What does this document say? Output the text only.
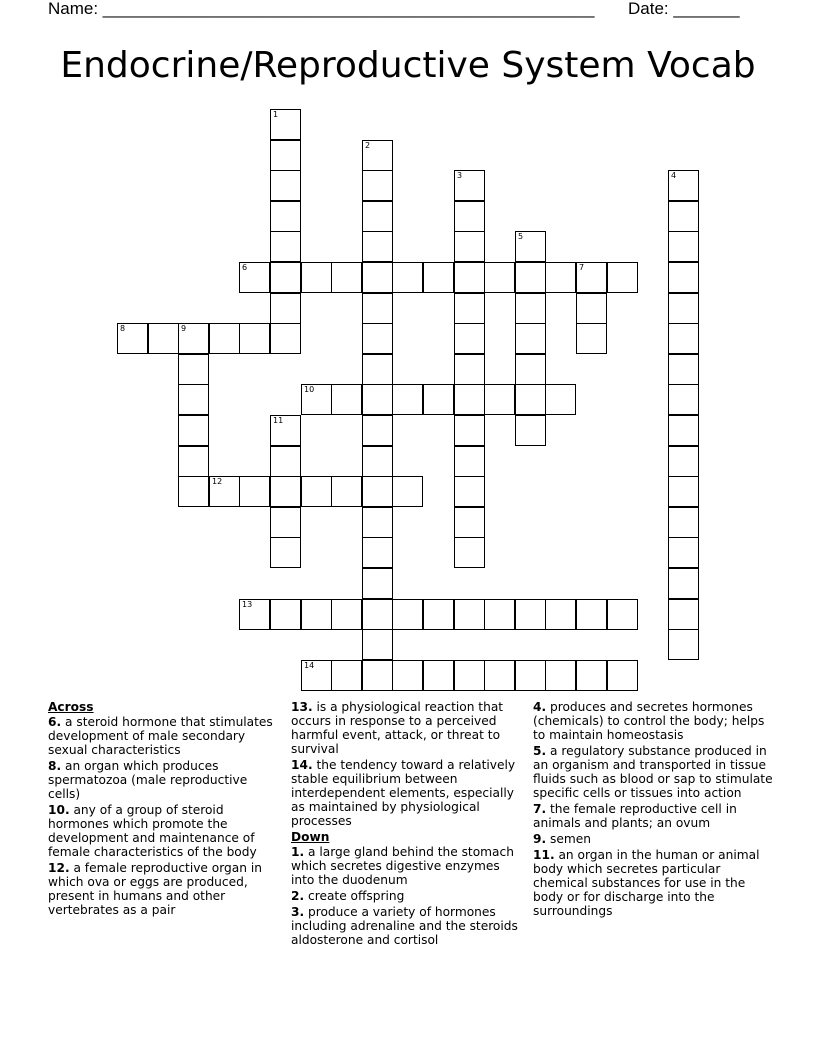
Name: ____________________________________________________ Date: _______
Endocrine/Reproductive System Vocab
1
2
3	4
5
6	7
8	9
10
11
12
13
14
Across
6. a steroid hormone that stimulates development of male secondary sexual characteristics
8. an organ which produces spermatozoa (male reproductive cells)
10. any of a group of steroid hormones which promote the development and maintenance of female characteristics of the body
12. a female reproductive organ in which ova or eggs are produced, present in humans and other vertebrates as a pair
13. is a physiological reaction that occurs in response to a perceived harmful event, attack, or threat to survival
14. the tendency toward a relatively stable equilibrium between interdependent elements, especially as maintained by physiological processes
Down
1. a large gland behind the stomach which secretes digestive enzymes into the duodenum
2. create offspring
3. produce a variety of hormones including adrenaline and the steroids aldosterone and cortisol
4. produces and secretes hormones (chemicals) to control the body; helps to maintain homeostasis
5. a regulatory substance produced in an organism and transported in tissue fluids such as blood or sap to stimulate specific cells or tissues into action
7. the female reproductive cell in animals and plants; an ovum
9. semen
11. an organ in the human or animal body which secretes particular chemical substances for use in the body or for discharge into the surroundings
